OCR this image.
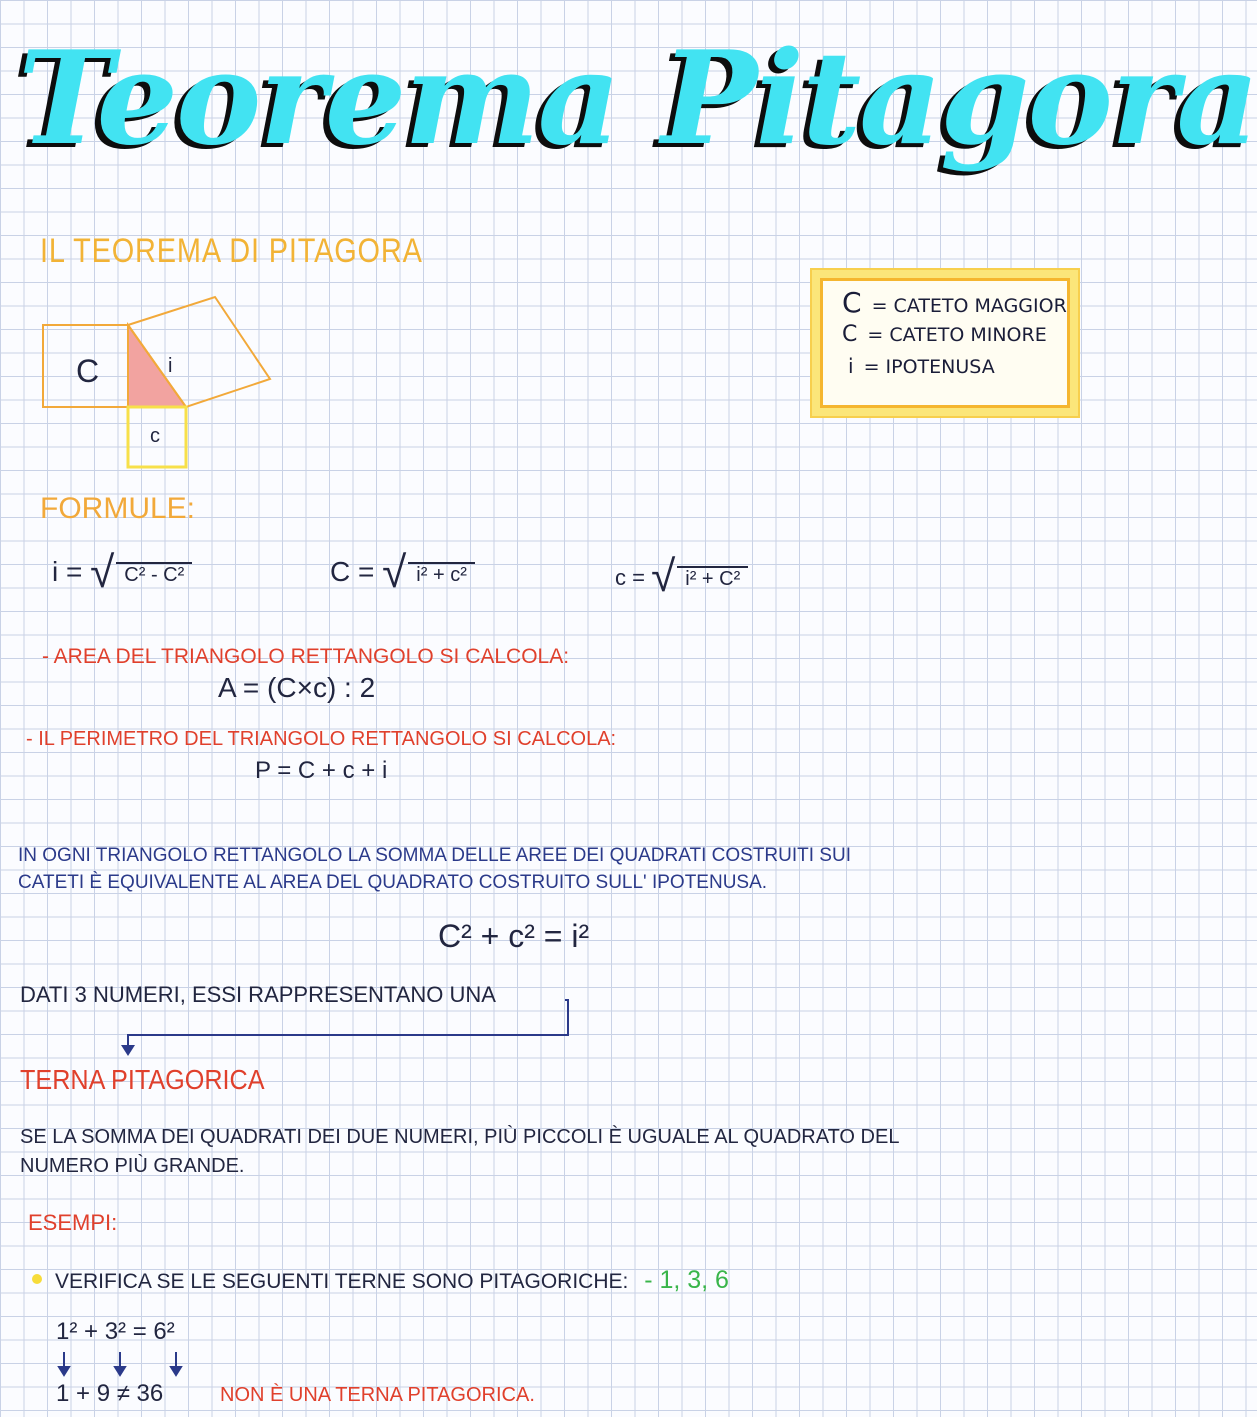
Teorema Pitagora
IL TEOREMA DI PITAGORA
C	i
c
C = CATETO MAGGIOR
C = CATETO MINORE
i = IPOTENUSA
FORMULE:
i = √ C² - C²	C = √ i² + c²	c = √ i² + C²
- AREA DEL TRIANGOLO RETTANGOLO SI CALCOLA:
A = (C×c) : 2
- IL PERIMETRO DEL TRIANGOLO RETTANGOLO SI CALCOLA:
P = C + c + i
IN OGNI TRIANGOLO RETTANGOLO LA SOMMA DELLE AREE DEI QUADRATI COSTRUITI SUI
CATETI È EQUIVALENTE AL AREA DEL QUADRATO COSTRUITO SULL' IPOTENUSA.
C² + c² = i²
DATI 3 NUMERI, ESSI RAPPRESENTANO UNA
TERNA PITAGORICA
SE LA SOMMA DEI QUADRATI DEI DUE NUMERI, PIÙ PICCOLI È UGUALE AL QUADRATO DEL
NUMERO PIÙ GRANDE.
ESEMPI:
VERIFICA SE LE SEGUENTI TERNE SONO PITAGORICHE: - 1, 3, 6
1² + 3² = 6²
1 + 9 ≠ 36	NON È UNA TERNA PITAGORICA.
